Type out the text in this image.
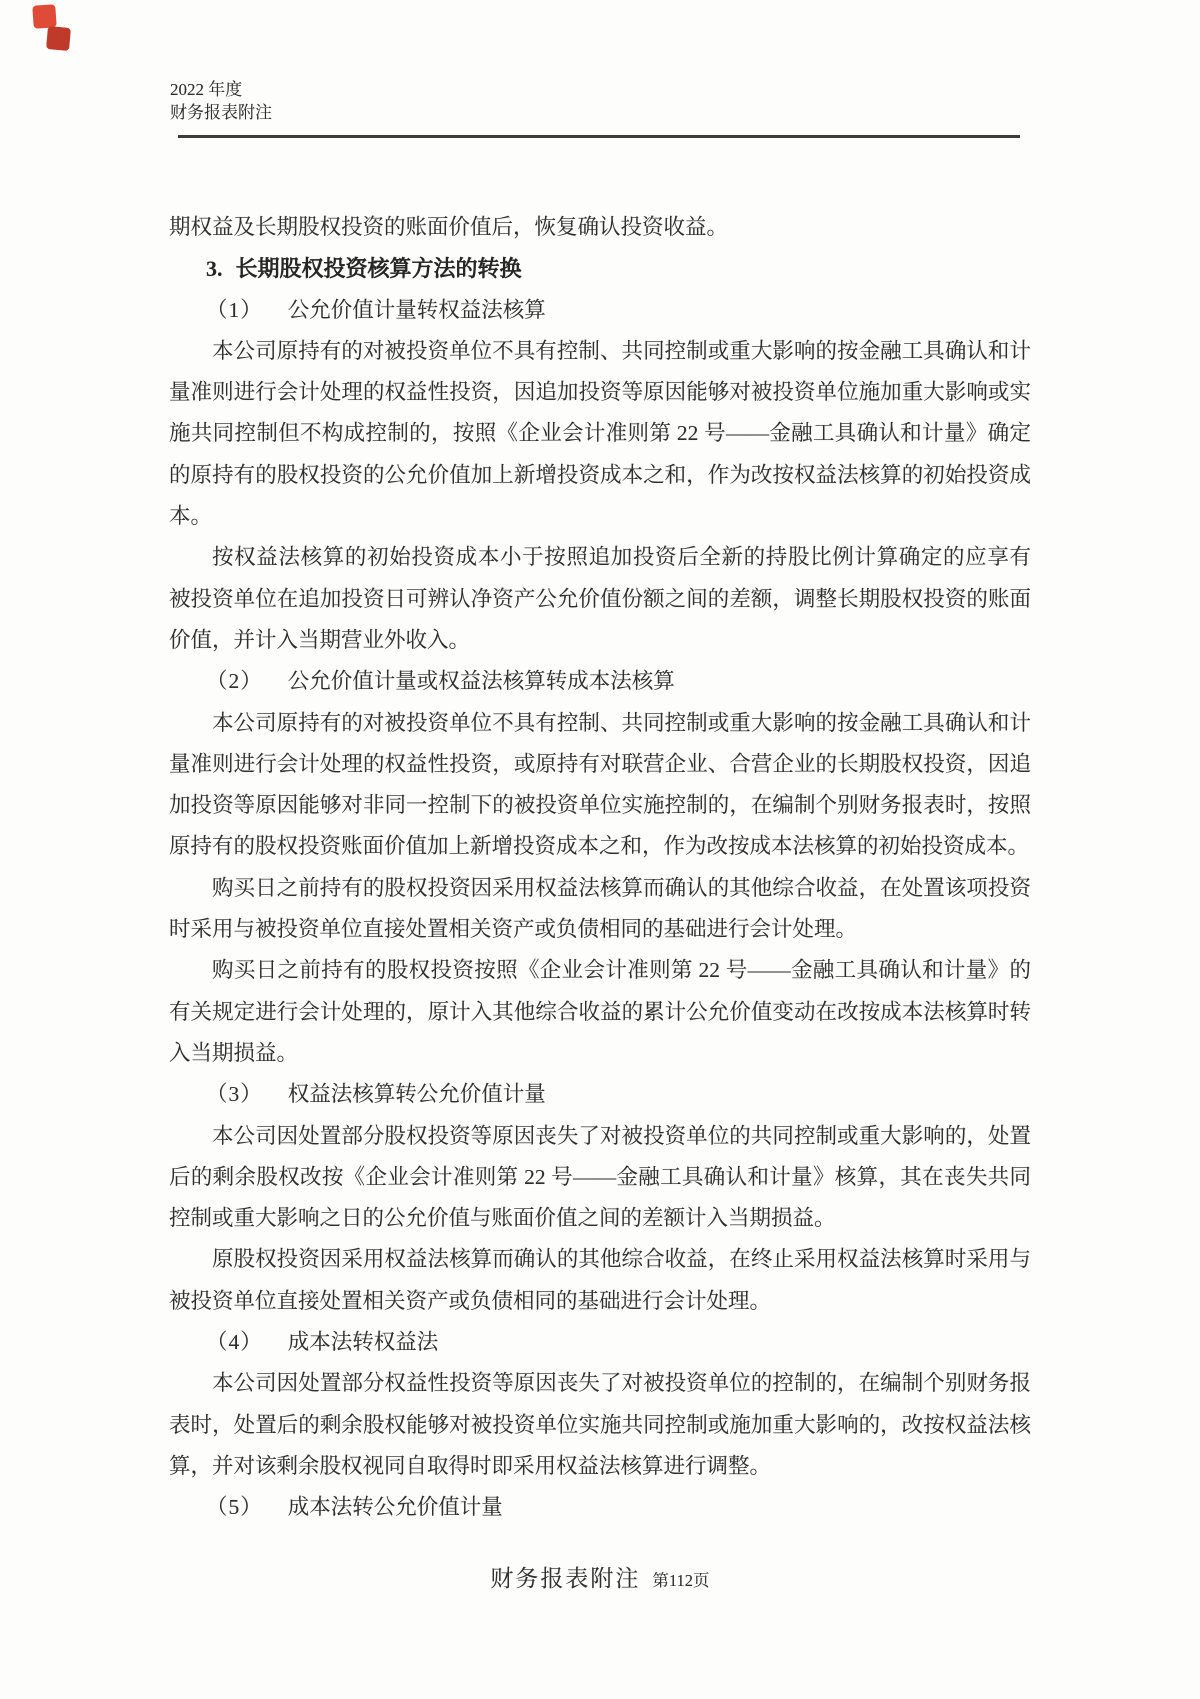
2022 年度
财务报表附注
期权益及长期股权投资的账面价值后，恢复确认投资收益。
3. 长期股权投资核算方法的转换
（1） 公允价值计量转权益法核算
本公司原持有的对被投资单位不具有控制、共同控制或重大影响的按金融工具确认和计
量准则进行会计处理的权益性投资，因追加投资等原因能够对被投资单位施加重大影响或实
施共同控制但不构成控制的，按照《企业会计准则第 22 号——金融工具确认和计量》确定
的原持有的股权投资的公允价值加上新增投资成本之和，作为改按权益法核算的初始投资成
本。
按权益法核算的初始投资成本小于按照追加投资后全新的持股比例计算确定的应享有
被投资单位在追加投资日可辨认净资产公允价值份额之间的差额，调整长期股权投资的账面
价值，并计入当期营业外收入。
（2） 公允价值计量或权益法核算转成本法核算
本公司原持有的对被投资单位不具有控制、共同控制或重大影响的按金融工具确认和计
量准则进行会计处理的权益性投资，或原持有对联营企业、合营企业的长期股权投资，因追
加投资等原因能够对非同一控制下的被投资单位实施控制的，在编制个别财务报表时，按照
原持有的股权投资账面价值加上新增投资成本之和，作为改按成本法核算的初始投资成本。
购买日之前持有的股权投资因采用权益法核算而确认的其他综合收益，在处置该项投资
时采用与被投资单位直接处置相关资产或负债相同的基础进行会计处理。
购买日之前持有的股权投资按照《企业会计准则第 22 号——金融工具确认和计量》的
有关规定进行会计处理的，原计入其他综合收益的累计公允价值变动在改按成本法核算时转
入当期损益。
（3） 权益法核算转公允价值计量
本公司因处置部分股权投资等原因丧失了对被投资单位的共同控制或重大影响的，处置
后的剩余股权改按《企业会计准则第 22 号——金融工具确认和计量》核算，其在丧失共同
控制或重大影响之日的公允价值与账面价值之间的差额计入当期损益。
原股权投资因采用权益法核算而确认的其他综合收益，在终止采用权益法核算时采用与
被投资单位直接处置相关资产或负债相同的基础进行会计处理。
（4） 成本法转权益法
本公司因处置部分权益性投资等原因丧失了对被投资单位的控制的，在编制个别财务报
表时，处置后的剩余股权能够对被投资单位实施共同控制或施加重大影响的，改按权益法核
算，并对该剩余股权视同自取得时即采用权益法核算进行调整。
（5） 成本法转公允价值计量
财务报表附注 第112页
